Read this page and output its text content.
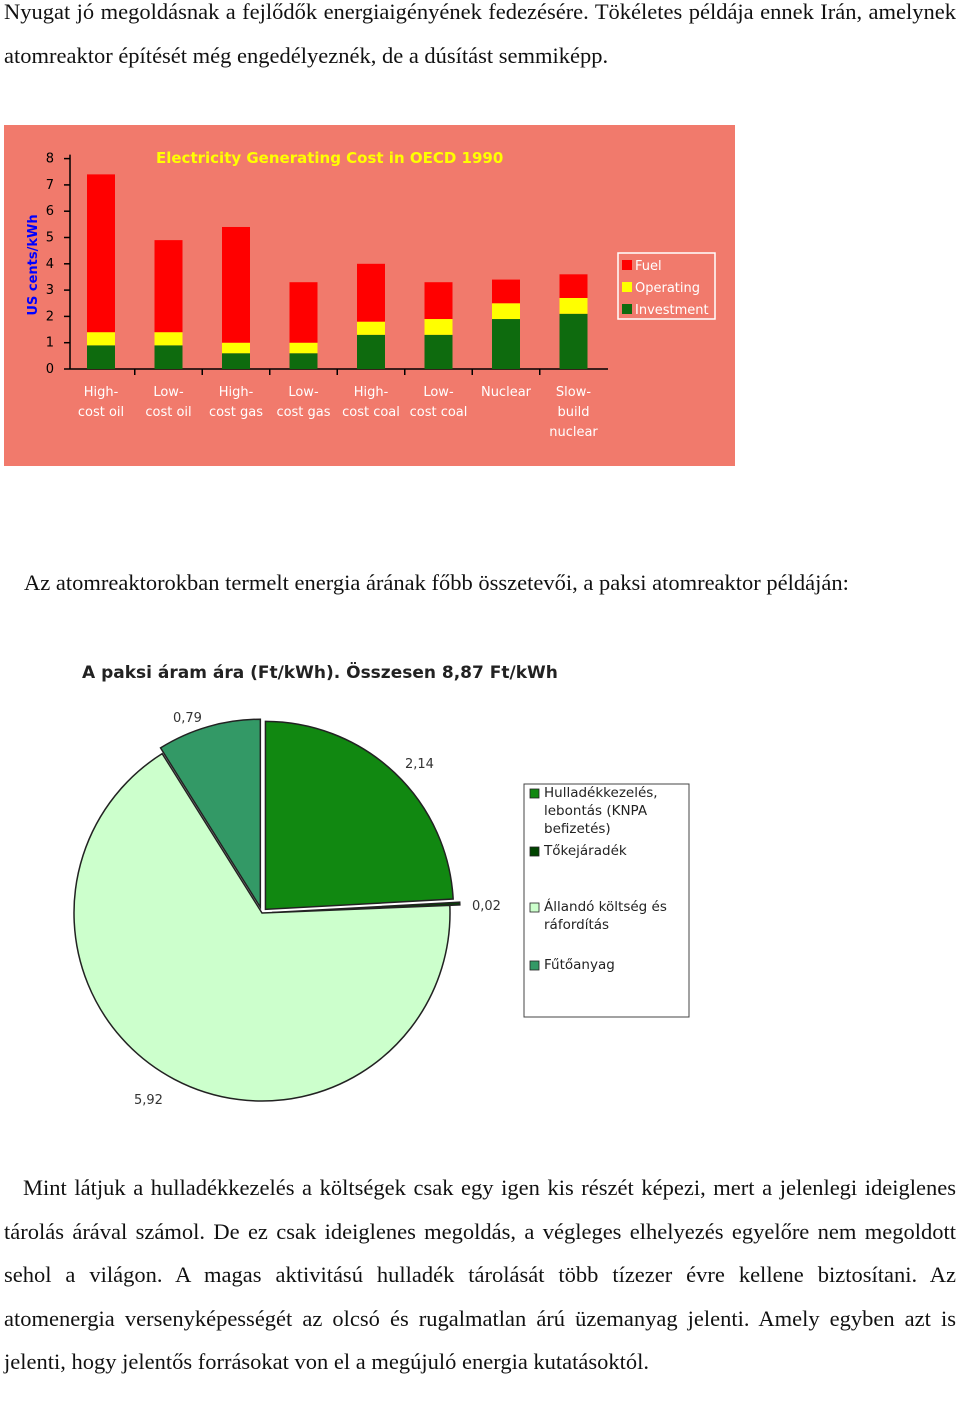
Nyugat jó megoldásnak a fejlődők energiaigényének fedezésére. Tökéletes példája ennek Irán, amelynek atomreaktor építését még engedélyeznék, de a dúsítást semmiképp.

Electricity Generating Cost in OECD 1990
US cents/kWh
0
1
2
3
4
5
6
7
8
High-
cost oil
Low-
cost oil
High-
cost gas
Low-
cost gas
High-
cost coal
Low-
cost coal
Nuclear Slow-
build
nuclear
Fuel
Operating
Investment

Az atomreaktorokban termelt energia árának főbb összetevői, a paksi atomreaktor példáján:

A paksi áram ára (Ft/kWh). Összesen 8,87 Ft/kWh
2,14
0,02
5,92
0,79
Hulladékkezelés, lebontás (KNPA befizetés)
Tőkejáradék
Állandó költség és ráfordítás
Fűtőanyag

Mint látjuk a hulladékkezelés a költségek csak egy igen kis részét képezi, mert a jelenlegi ideiglenes tárolás árával számol. De ez csak ideiglenes megoldás, a végleges elhelyezés egyelőre nem megoldott sehol a világon. A magas aktivitású hulladék tárolását több tízezer évre kellene biztosítani. Az atomenergia versenyképességét az olcsó és rugalmatlan árú üzemanyag jelenti. Amely egyben azt is jelenti, hogy jelentős forrásokat von el a megújuló energia kutatásoktól.
